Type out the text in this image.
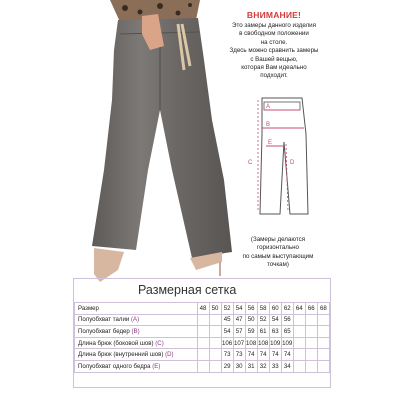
ВНИМАНИЕ!
Это замеры данного изделия
в свободном положении
на столе.
Здесь можно сравнить замеры
с Вашей вещью,
которая Вам идеально
подходит.
A
B
C	D
E
(Замеры делаются
горизонтально
по самым выступающим
точкам)
Размерная сетка
Размер	48	50	52	54	56	58	60	62	64	66	68
Полуобхват талии (A)			45	47	50	52	54	56			
Полуобхват бедер (B)			54	57	59	61	63	65			
Длина брюк (боковой шов) (C)			106	107	108	108	109	109			
Длина брюк (внутренний шов) (D)			73	73	74	74	74	74			
Полуобхват одного бедра (E)			29	30	31	32	33	34			
